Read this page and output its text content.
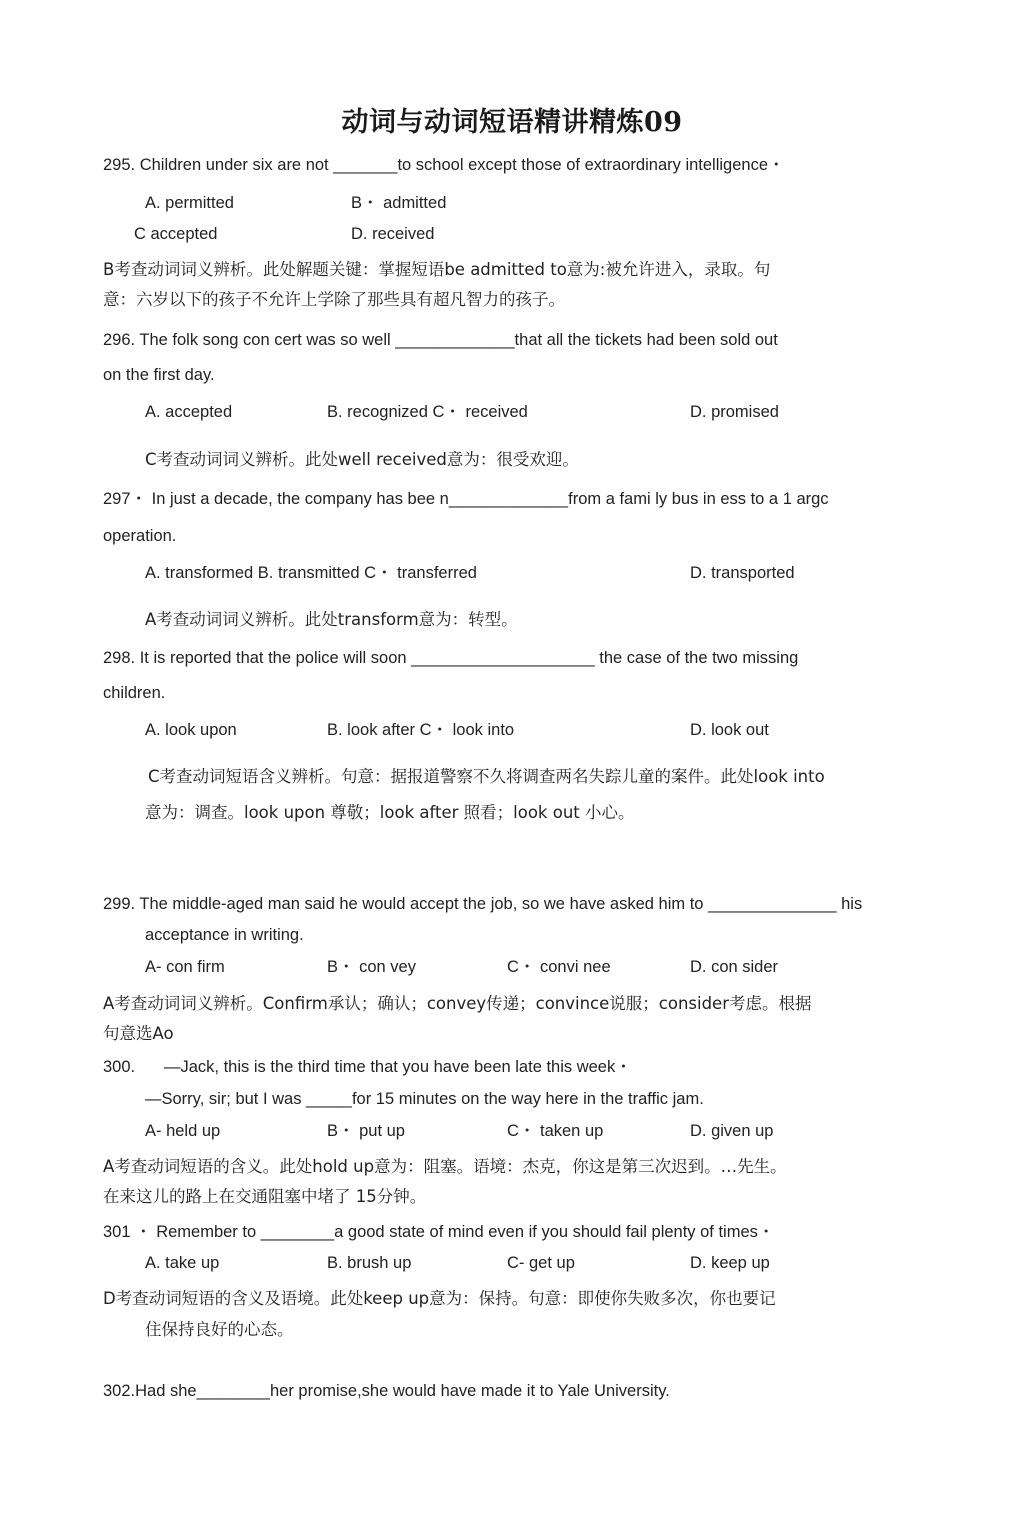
动词与动词短语精讲精炼09
295. Children under six are not _______to school except those of extraordinary intelligence・
A. permitted	B・ admitted
C accepted	D. received
B考查动词词义辨析。此处解题关键：掌握短语be admitted to意为:被允许进入，录取。句
意：六岁以下的孩子不允许上学除了那些具有超凡智力的孩子。
296. The folk song con cert was so well _____________that all the tickets had been sold out
on the first day.
A. accepted	B. recognized C・ received	D. promised
C考查动词词义辨析。此处well received意为：很受欢迎。
297・ In just a decade, the company has bee n_____________from a fami ly bus in ess to a 1 argc
operation.
A. transformed B. transmitted C・ transferred	D. transported
A考查动词词义辨析。此处transform意为：转型。
298. It is reported that the police will soon ____________________ the case of the two missing
children.
A. look upon	B. look after C・ look into	D. look out
C考查动词短语含义辨析。句意：据报道警察不久将调查两名失踪儿童的案件。此处look into
意为：调查。look upon 尊敬；look after 照看；look out 小心。
299. The middle-aged man said he would accept the job, so we have asked him to ______________ his
acceptance in writing.
A- con firm	B・ con vey	C・ convi nee	D. con sider
A考查动词词义辨析。Confirm承认；确认；convey传递；convince说服；consider考虑。根据
句意选Ao
300. —Jack, this is the third time that you have been late this week・
—Sorry, sir; but I was _____for 15 minutes on the way here in the traffic jam.
A- held up	B・ put up	C・ taken up	D. given up
A考查动词短语的含义。此处hold up意为：阻塞。语境：杰克，你这是第三次迟到。…先生。
在来这儿的路上在交通阻塞中堵了 15分钟。
301 ・ Remember to ________a good state of mind even if you should fail plenty of times・
A. take up	B. brush up	C- get up	D. keep up
D考查动词短语的含义及语境。此处keep up意为：保持。句意：即使你失败多次，你也要记
住保持良好的心态。
302.Had she________her promise,she would have made it to Yale University.
